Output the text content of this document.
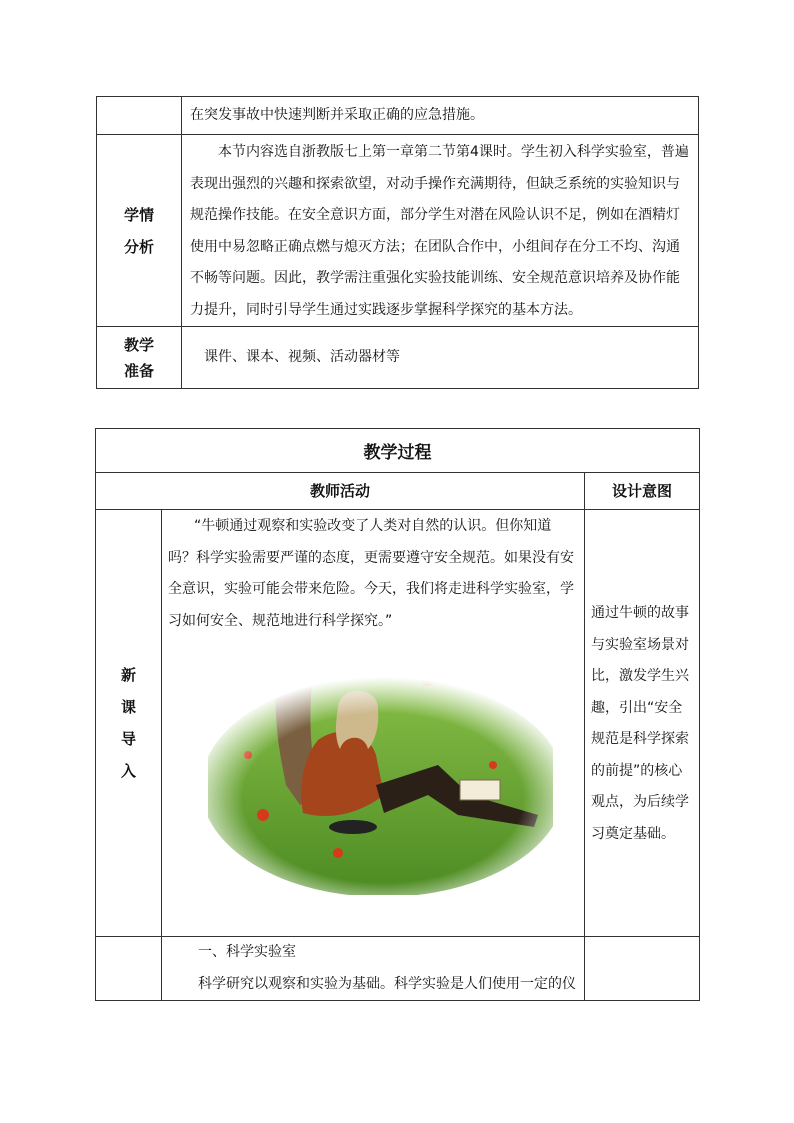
	在突发事故中快速判断并采取正确的应急措施。

学情
分析	本节内容选自浙教版七上第一章第二节第4课时。学生初入科学实验室，普遍表现出强烈的兴趣和探索欲望，对动手操作充满期待，但缺乏系统的实验知识与规范操作技能。在安全意识方面，部分学生对潜在风险认识不足，例如在酒精灯使用中易忽略正确点燃与熄灭方法；在团队合作中，小组间存在分工不均、沟通不畅等问题。因此，教学需注重强化实验技能训练、安全规范意识培养及协作能力提升，同时引导学生通过实践逐步掌握科学探究的基本方法。

教学
准备	课件、课本、视频、活动器材等
教学过程		
教师活动		设计意图

新
课
导
入	“牛顿通过观察和实验改变了人类对自然的认识。但你知道吗？科学实验需要严谨的态度，更需要遵守安全规范。如果没有安全意识，实验可能会带来危险。今天，我们将走进科学实验室，学习如何安全、规范地进行科学探究。”	通过牛顿的故事与实验室场景对比，激发学生兴趣，引出“安全规范是科学探索的前提”的核心观点，为后续学习奠定基础。

	一、科学实验室

科学研究以观察和实验为基础。科学实验是人们使用一定的仪	
